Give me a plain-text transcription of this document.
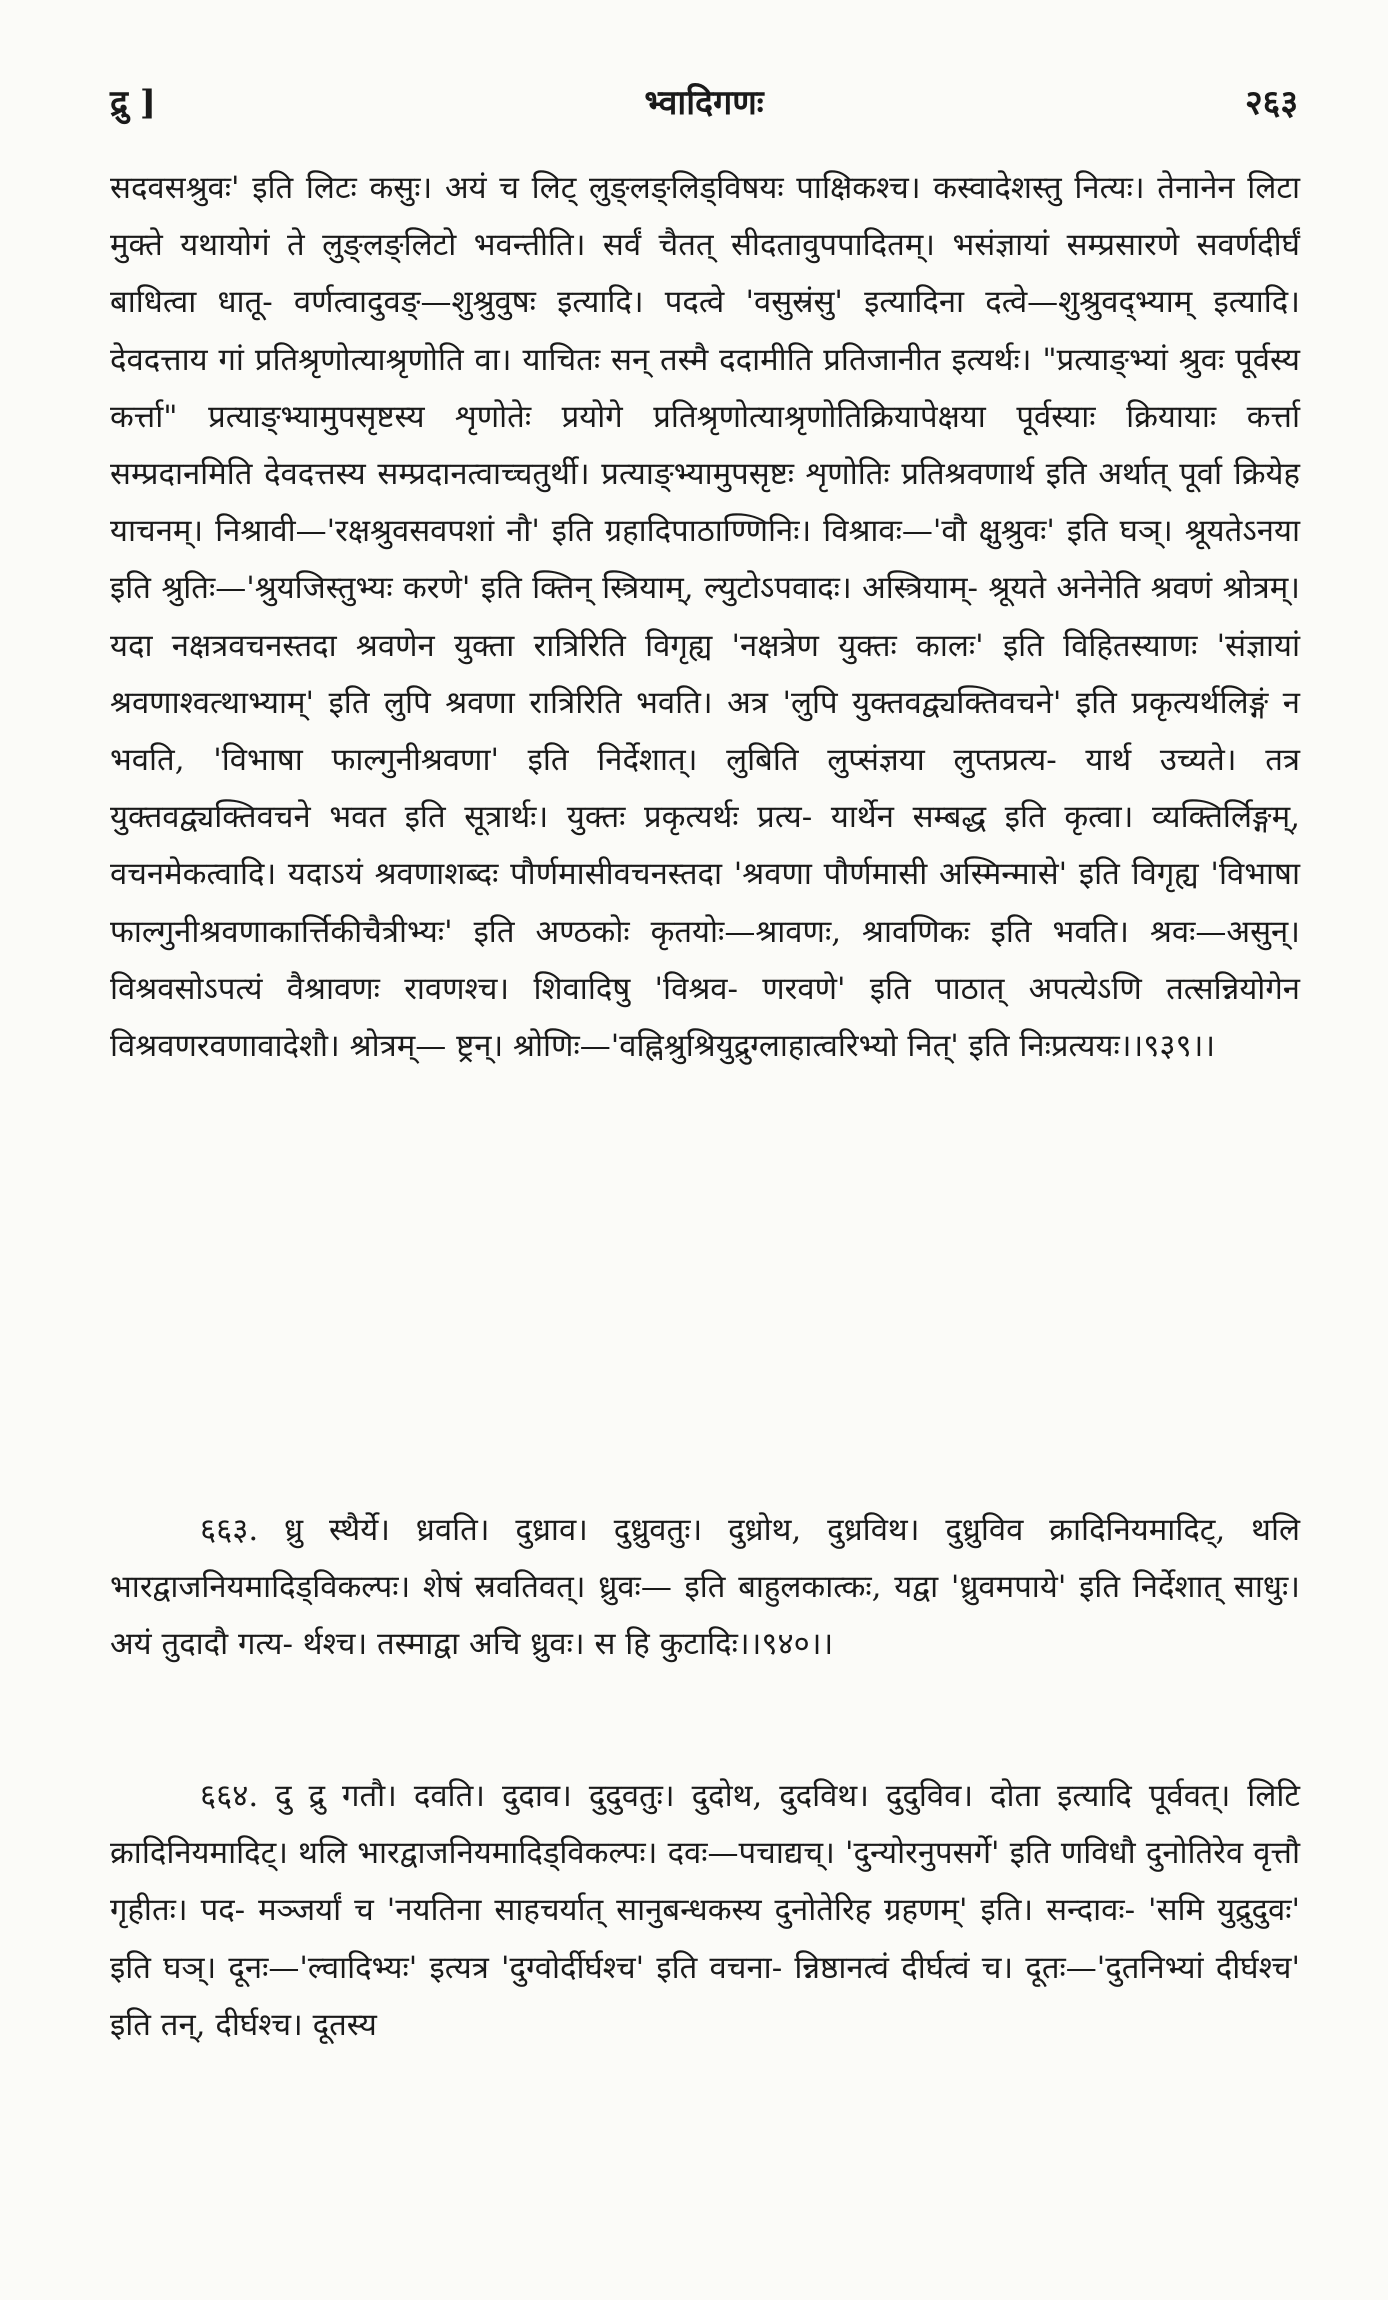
द्रु ]	भ्वादिगणः	२६३

सदवसश्रुवः' इति लिटः कसुः। अयं च लिट् लुङ्लङ्लिड्विषयः पाक्षिकश्च। कस्वादेशस्तु नित्यः। तेनानेन लिटा मुक्ते यथायोगं ते लुङ्लङ्लिटो भवन्तीति। सर्वं चैतत् सीदतावुपपादितम्। भसंज्ञायां सम्प्रसारणे सवर्णदीर्घं बाधित्वा धातू- वर्णत्वादुवङ्—शुश्रुवुषः इत्यादि। पदत्वे 'वसुस्रंसु' इत्यादिना दत्वे—शुश्रुवद्भ्याम् इत्यादि। देवदत्ताय गां प्रतिश्रृणोत्याश्रृणोति वा। याचितः सन् तस्मै ददामीति प्रतिजानीत इत्यर्थः। "प्रत्याङ्भ्यां श्रुवः पूर्वस्य कर्त्ता" प्रत्याङ्भ्यामुपसृष्टस्य शृणोतेः प्रयोगे प्रतिश्रृणोत्याश्रृणोतिक्रियापेक्षया पूर्वस्याः क्रियायाः कर्त्ता सम्प्रदानमिति देवदत्तस्य सम्प्रदानत्वाच्चतुर्थी। प्रत्याङ्भ्यामुपसृष्टः शृणोतिः प्रतिश्रवणार्थ इति अर्थात् पूर्वा क्रियेह याचनम्। निश्रावी—'रक्षश्रुवसवपशां नौ' इति ग्रहादिपाठाण्णिनिः। विश्रावः—'वौ क्षुश्रुवः' इति घञ्। श्रूयतेऽनया इति श्रुतिः—'श्रुयजिस्तुभ्यः करणे' इति क्तिन् स्त्रियाम्, ल्युटोऽपवादः। अस्त्रियाम्- श्रूयते अनेनेति श्रवणं श्रोत्रम्। यदा नक्षत्रवचनस्तदा श्रवणेन युक्ता रात्रिरिति विगृह्य 'नक्षत्रेण युक्तः कालः' इति विहितस्याणः 'संज्ञायां श्रवणाश्वत्थाभ्याम्' इति लुपि श्रवणा रात्रिरिति भवति। अत्र 'लुपि युक्तवद्व्यक्तिवचने' इति प्रकृत्यर्थलिङ्गं न भवति, 'विभाषा फाल्गुनीश्रवणा' इति निर्देशात्। लुबिति लुप्संज्ञया लुप्तप्रत्य- यार्थ उच्यते। तत्र युक्तवद्व्यक्तिवचने भवत इति सूत्रार्थः। युक्तः प्रकृत्यर्थः प्रत्य- यार्थेन सम्बद्ध इति कृत्वा। व्यक्तिर्लिङ्गम्, वचनमेकत्वादि। यदाऽयं श्रवणाशब्दः पौर्णमासीवचनस्तदा 'श्रवणा पौर्णमासी अस्मिन्मासे' इति विगृह्य 'विभाषा फाल्गुनीश्रवणाकार्त्तिकीचैत्रीभ्यः' इति अण्ठकोः कृतयोः—श्रावणः, श्रावणिकः इति भवति। श्रवः—असुन्। विश्रवसोऽपत्यं वैश्रावणः रावणश्च। शिवादिषु 'विश्रव- णरवणे' इति पाठात् अपत्येऽणि तत्सन्नियोगेन विश्रवणरवणावादेशौ। श्रोत्रम्— ष्ट्रन्। श्रोणिः—'वह्निश्रुश्रियुद्रुग्लाहात्वरिभ्यो नित्' इति निःप्रत्ययः।।९३९।।

६६३. ध्रु स्थैर्ये। ध्रवति। दुध्राव। दुध्रुवतुः। दुध्रोथ, दुध्रविथ। दुध्रुविव क्रादिनियमादिट्, थलि भारद्वाजनियमादिड्विकल्पः। शेषं स्रवतिवत्। ध्रुवः— इति बाहुलकात्कः, यद्वा 'ध्रुवमपाये' इति निर्देशात् साधुः। अयं तुदादौ गत्य- र्थश्च। तस्माद्वा अचि ध्रुवः। स हि कुटादिः।।९४०।।

६६४. दु द्रु गतौ। दवति। दुदाव। दुदुवतुः। दुदोथ, दुदविथ। दुदुविव। दोता इत्यादि पूर्ववत्। लिटि क्रादिनियमादिट्। थलि भारद्वाजनियमादिड्विकल्पः। दवः—पचाद्यच्। 'दुन्योरनुपसर्गे' इति णविधौ दुनोतिरेव वृत्तौ गृहीतः। पद- मञ्जर्यां च 'नयतिना साहचर्यात् सानुबन्धकस्य दुनोतेरिह ग्रहणम्' इति। सन्दावः- 'समि युद्रुदुवः' इति घञ्। दूनः—'ल्वादिभ्यः' इत्यत्र 'दुग्वोर्दीर्घश्च' इति वचना- न्निष्ठानत्वं दीर्घत्वं च। दूतः—'दुतनिभ्यां दीर्घश्च' इति तन्, दीर्घश्च। दूतस्य
